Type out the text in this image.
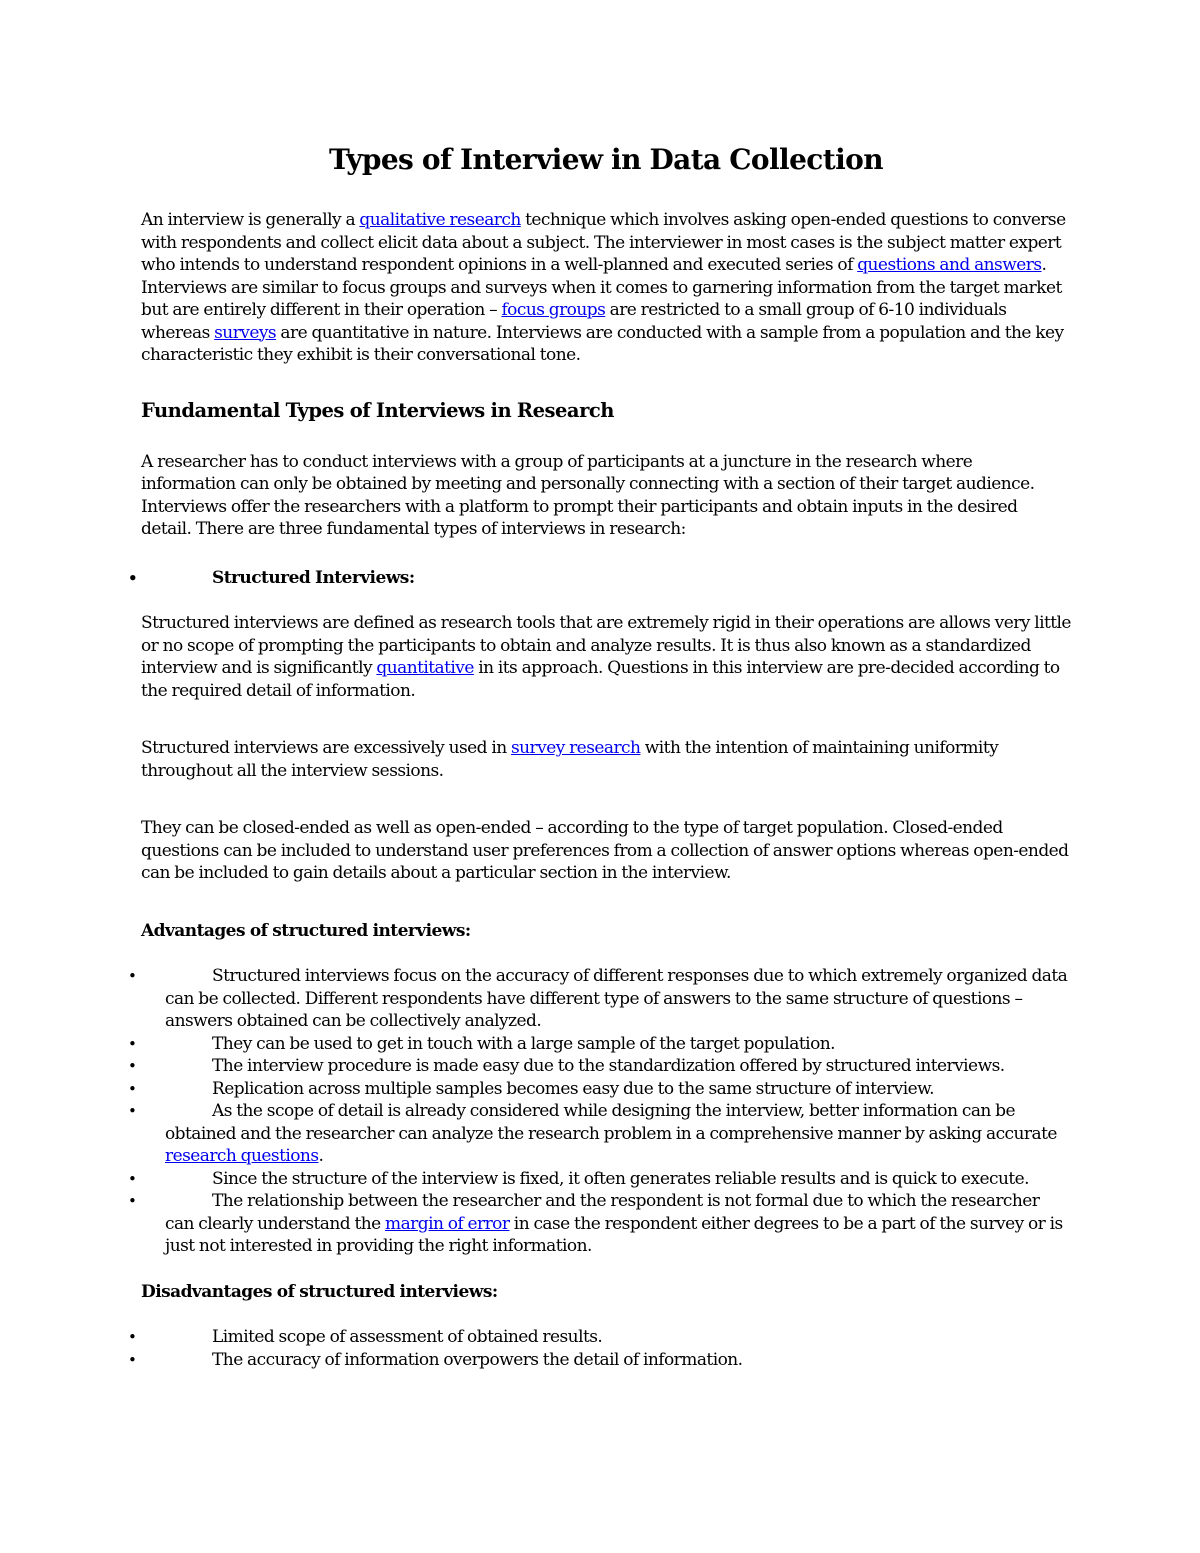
Types of Interview in Data Collection

An interview is generally a qualitative research technique which involves asking open-ended questions to converse with respondents and collect elicit data about a subject. The interviewer in most cases is the subject matter expert who intends to understand respondent opinions in a well-planned and executed series of questions and answers. Interviews are similar to focus groups and surveys when it comes to garnering information from the target market but are entirely different in their operation – focus groups are restricted to a small group of 6-10 individuals whereas surveys are quantitative in nature. Interviews are conducted with a sample from a population and the key characteristic they exhibit is their conversational tone.

Fundamental Types of Interviews in Research

A researcher has to conduct interviews with a group of participants at a juncture in the research where information can only be obtained by meeting and personally connecting with a section of their target audience. Interviews offer the researchers with a platform to prompt their participants and obtain inputs in the desired detail. There are three fundamental types of interviews in research:

•	Structured Interviews:

Structured interviews are defined as research tools that are extremely rigid in their operations are allows very little or no scope of prompting the participants to obtain and analyze results. It is thus also known as a standardized interview and is significantly quantitative in its approach. Questions in this interview are pre-decided according to the required detail of information.

Structured interviews are excessively used in survey research with the intention of maintaining uniformity throughout all the interview sessions.

They can be closed-ended as well as open-ended – according to the type of target population. Closed-ended questions can be included to understand user preferences from a collection of answer options whereas open-ended can be included to gain details about a particular section in the interview.

Advantages of structured interviews:

•	Structured interviews focus on the accuracy of different responses due to which extremely organized data can be collected. Different respondents have different type of answers to the same structure of questions – answers obtained can be collectively analyzed.
•	They can be used to get in touch with a large sample of the target population.
•	The interview procedure is made easy due to the standardization offered by structured interviews.
•	Replication across multiple samples becomes easy due to the same structure of interview.
•	As the scope of detail is already considered while designing the interview, better information can be obtained and the researcher can analyze the research problem in a comprehensive manner by asking accurate research questions.
•	Since the structure of the interview is fixed, it often generates reliable results and is quick to execute.
•	The relationship between the researcher and the respondent is not formal due to which the researcher can clearly understand the margin of error in case the respondent either degrees to be a part of the survey or is just not interested in providing the right information.

Disadvantages of structured interviews:

•	Limited scope of assessment of obtained results.
•	The accuracy of information overpowers the detail of information.
